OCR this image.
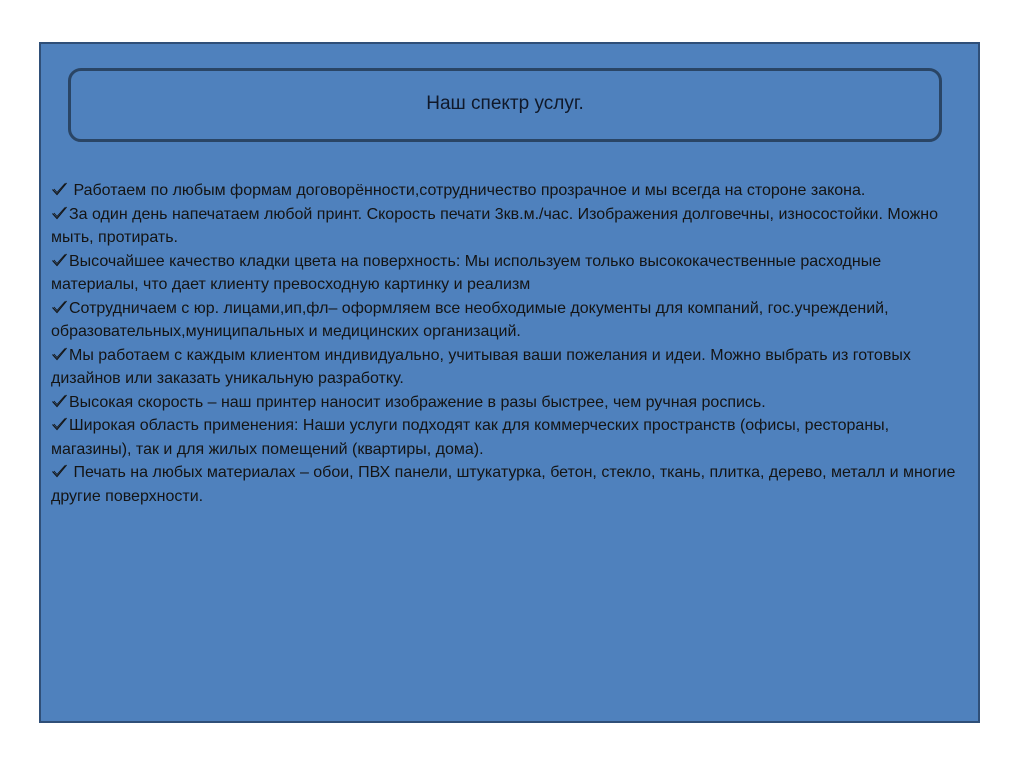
Наш спектр услуг.
Работаем по любым формам договорённости,сотрудничество прозрачное и мы всегда на стороне закона.
За один день напечатаем любой принт. Скорость печати 3кв.м./час. Изображения долговечны, износостойки. Можно мыть, протирать.
Высочайшее качество кладки цвета на поверхность: Мы используем только высококачественные расходные материалы, что дает клиенту превосходную картинку и реализм
Сотрудничаем с юр. лицами,ип,фл– оформляем все необходимые документы для компаний, гос.учреждений, образовательных,муниципальных и медицинских организаций.
Мы работаем с каждым клиентом индивидуально, учитывая ваши пожелания и идеи. Можно выбрать из готовых дизайнов или заказать уникальную разработку.
Высокая скорость – наш принтер наносит изображение в разы быстрее, чем ручная роспись.
Широкая область применения: Наши услуги подходят как для коммерческих пространств (офисы, рестораны, магазины), так и для жилых помещений (квартиры, дома).
Печать на любых материалах – обои, ПВХ панели, штукатурка, бетон, стекло, ткань, плитка, дерево, металл и многие другие поверхности.
